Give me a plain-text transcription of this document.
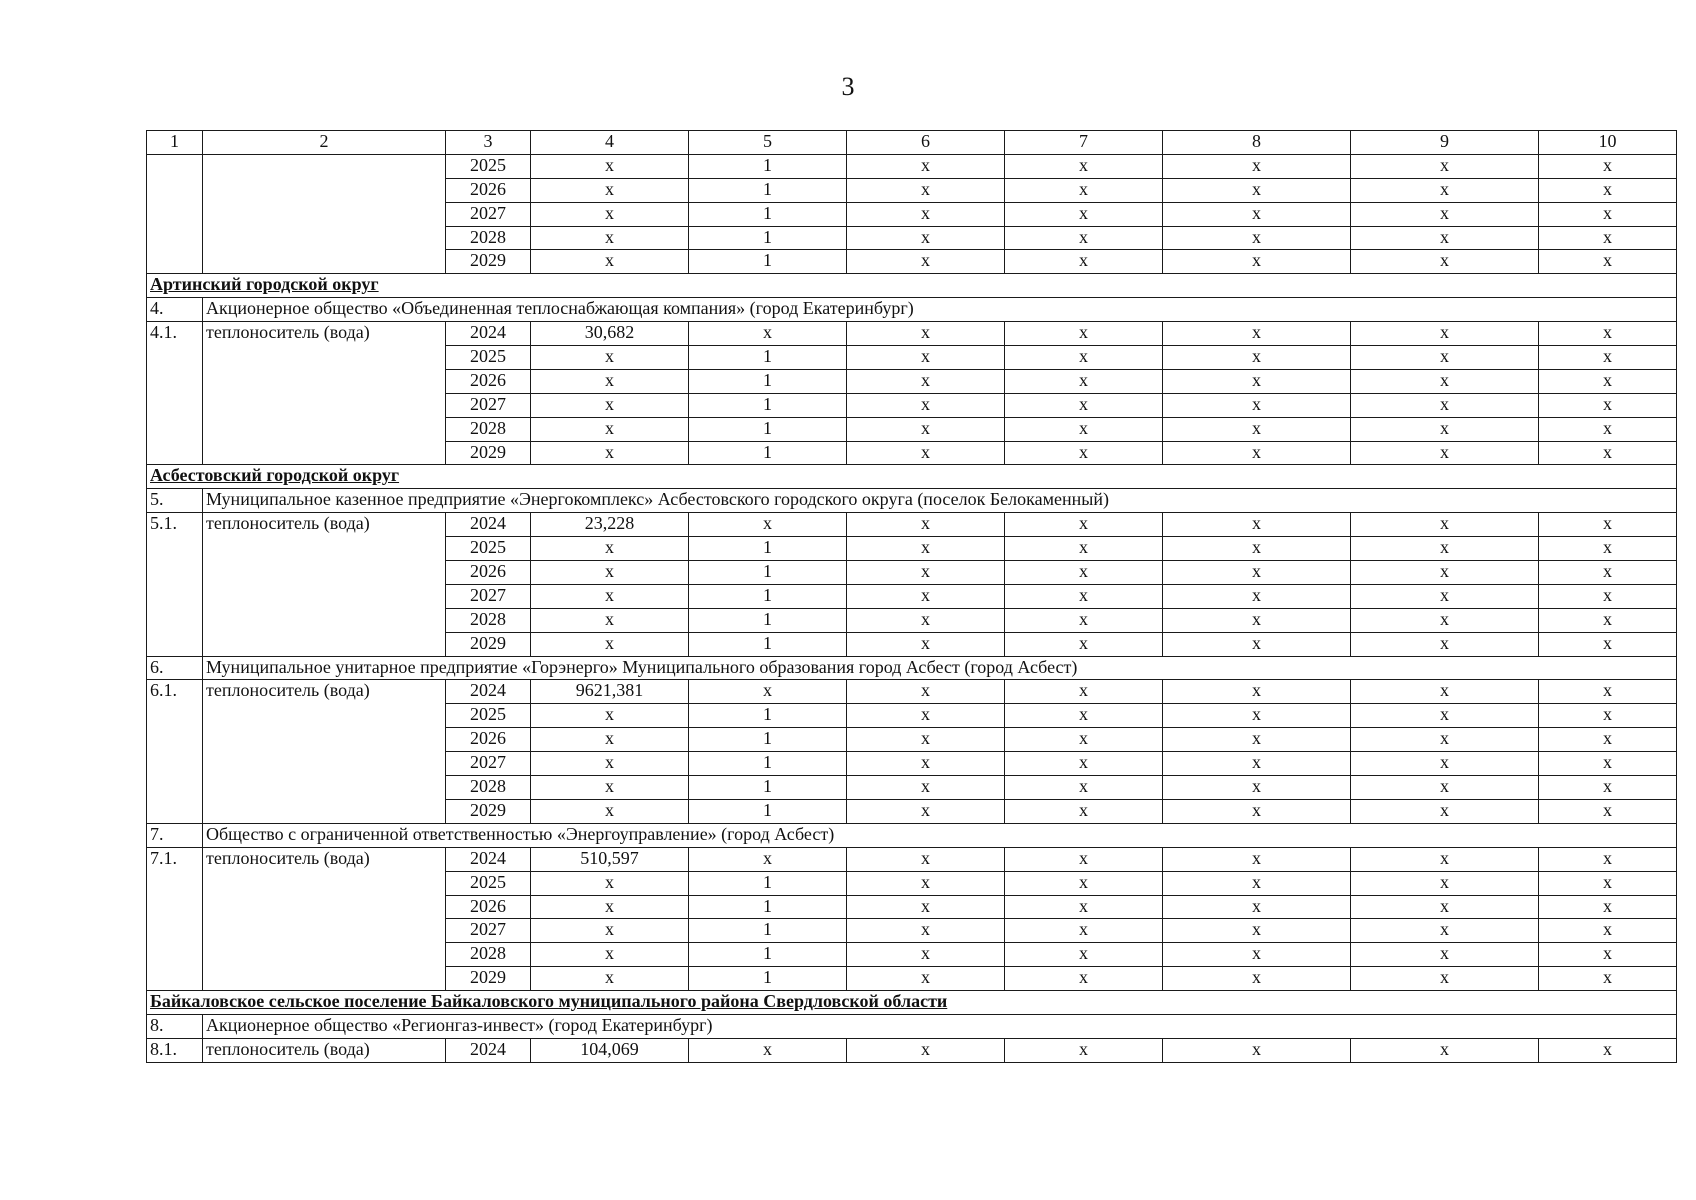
3
1	2	3	4	5	6	7	8	9	10
		2025	x	1	x	x	x	x	x
		2026	x	1	x	x	x	x	x
		2027	x	1	x	x	x	x	x
		2028	x	1	x	x	x	x	x
		2029	x	1	x	x	x	x	x
Артинский городской округ									
4.	Акционерное общество «Объединенная теплоснабжающая компания» (город Екатеринбург)								
4.1.	теплоноситель (вода)	2024	30,682	x	x	x	x	x	x
		2025	x	1	x	x	x	x	x
		2026	x	1	x	x	x	x	x
		2027	x	1	x	x	x	x	x
		2028	x	1	x	x	x	x	x
		2029	x	1	x	x	x	x	x
Асбестовский городской округ									
5.	Муниципальное казенное предприятие «Энергокомплекс» Асбестовского городского округа (поселок Белокаменный)								
5.1.	теплоноситель (вода)	2024	23,228	x	x	x	x	x	x
		2025	x	1	x	x	x	x	x
		2026	x	1	x	x	x	x	x
		2027	x	1	x	x	x	x	x
		2028	x	1	x	x	x	x	x
		2029	x	1	x	x	x	x	x
6.	Муниципальное унитарное предприятие «Горэнерго» Муниципального образования город Асбест (город Асбест)								
6.1.	теплоноситель (вода)	2024	9621,381	x	x	x	x	x	x
		2025	x	1	x	x	x	x	x
		2026	x	1	x	x	x	x	x
		2027	x	1	x	x	x	x	x
		2028	x	1	x	x	x	x	x
		2029	x	1	x	x	x	x	x
7.	Общество с ограниченной ответственностью «Энергоуправление» (город Асбест)								
7.1.	теплоноситель (вода)	2024	510,597	x	x	x	x	x	x
		2025	x	1	x	x	x	x	x
		2026	x	1	x	x	x	x	x
		2027	x	1	x	x	x	x	x
		2028	x	1	x	x	x	x	x
		2029	x	1	x	x	x	x	x
Байкаловское сельское поселение Байкаловского муниципального района Свердловской области									
8.	Акционерное общество «Регионгаз-инвест» (город Екатеринбург)								
8.1.	теплоноситель (вода)	2024	104,069	x	x	x	x	x	x
